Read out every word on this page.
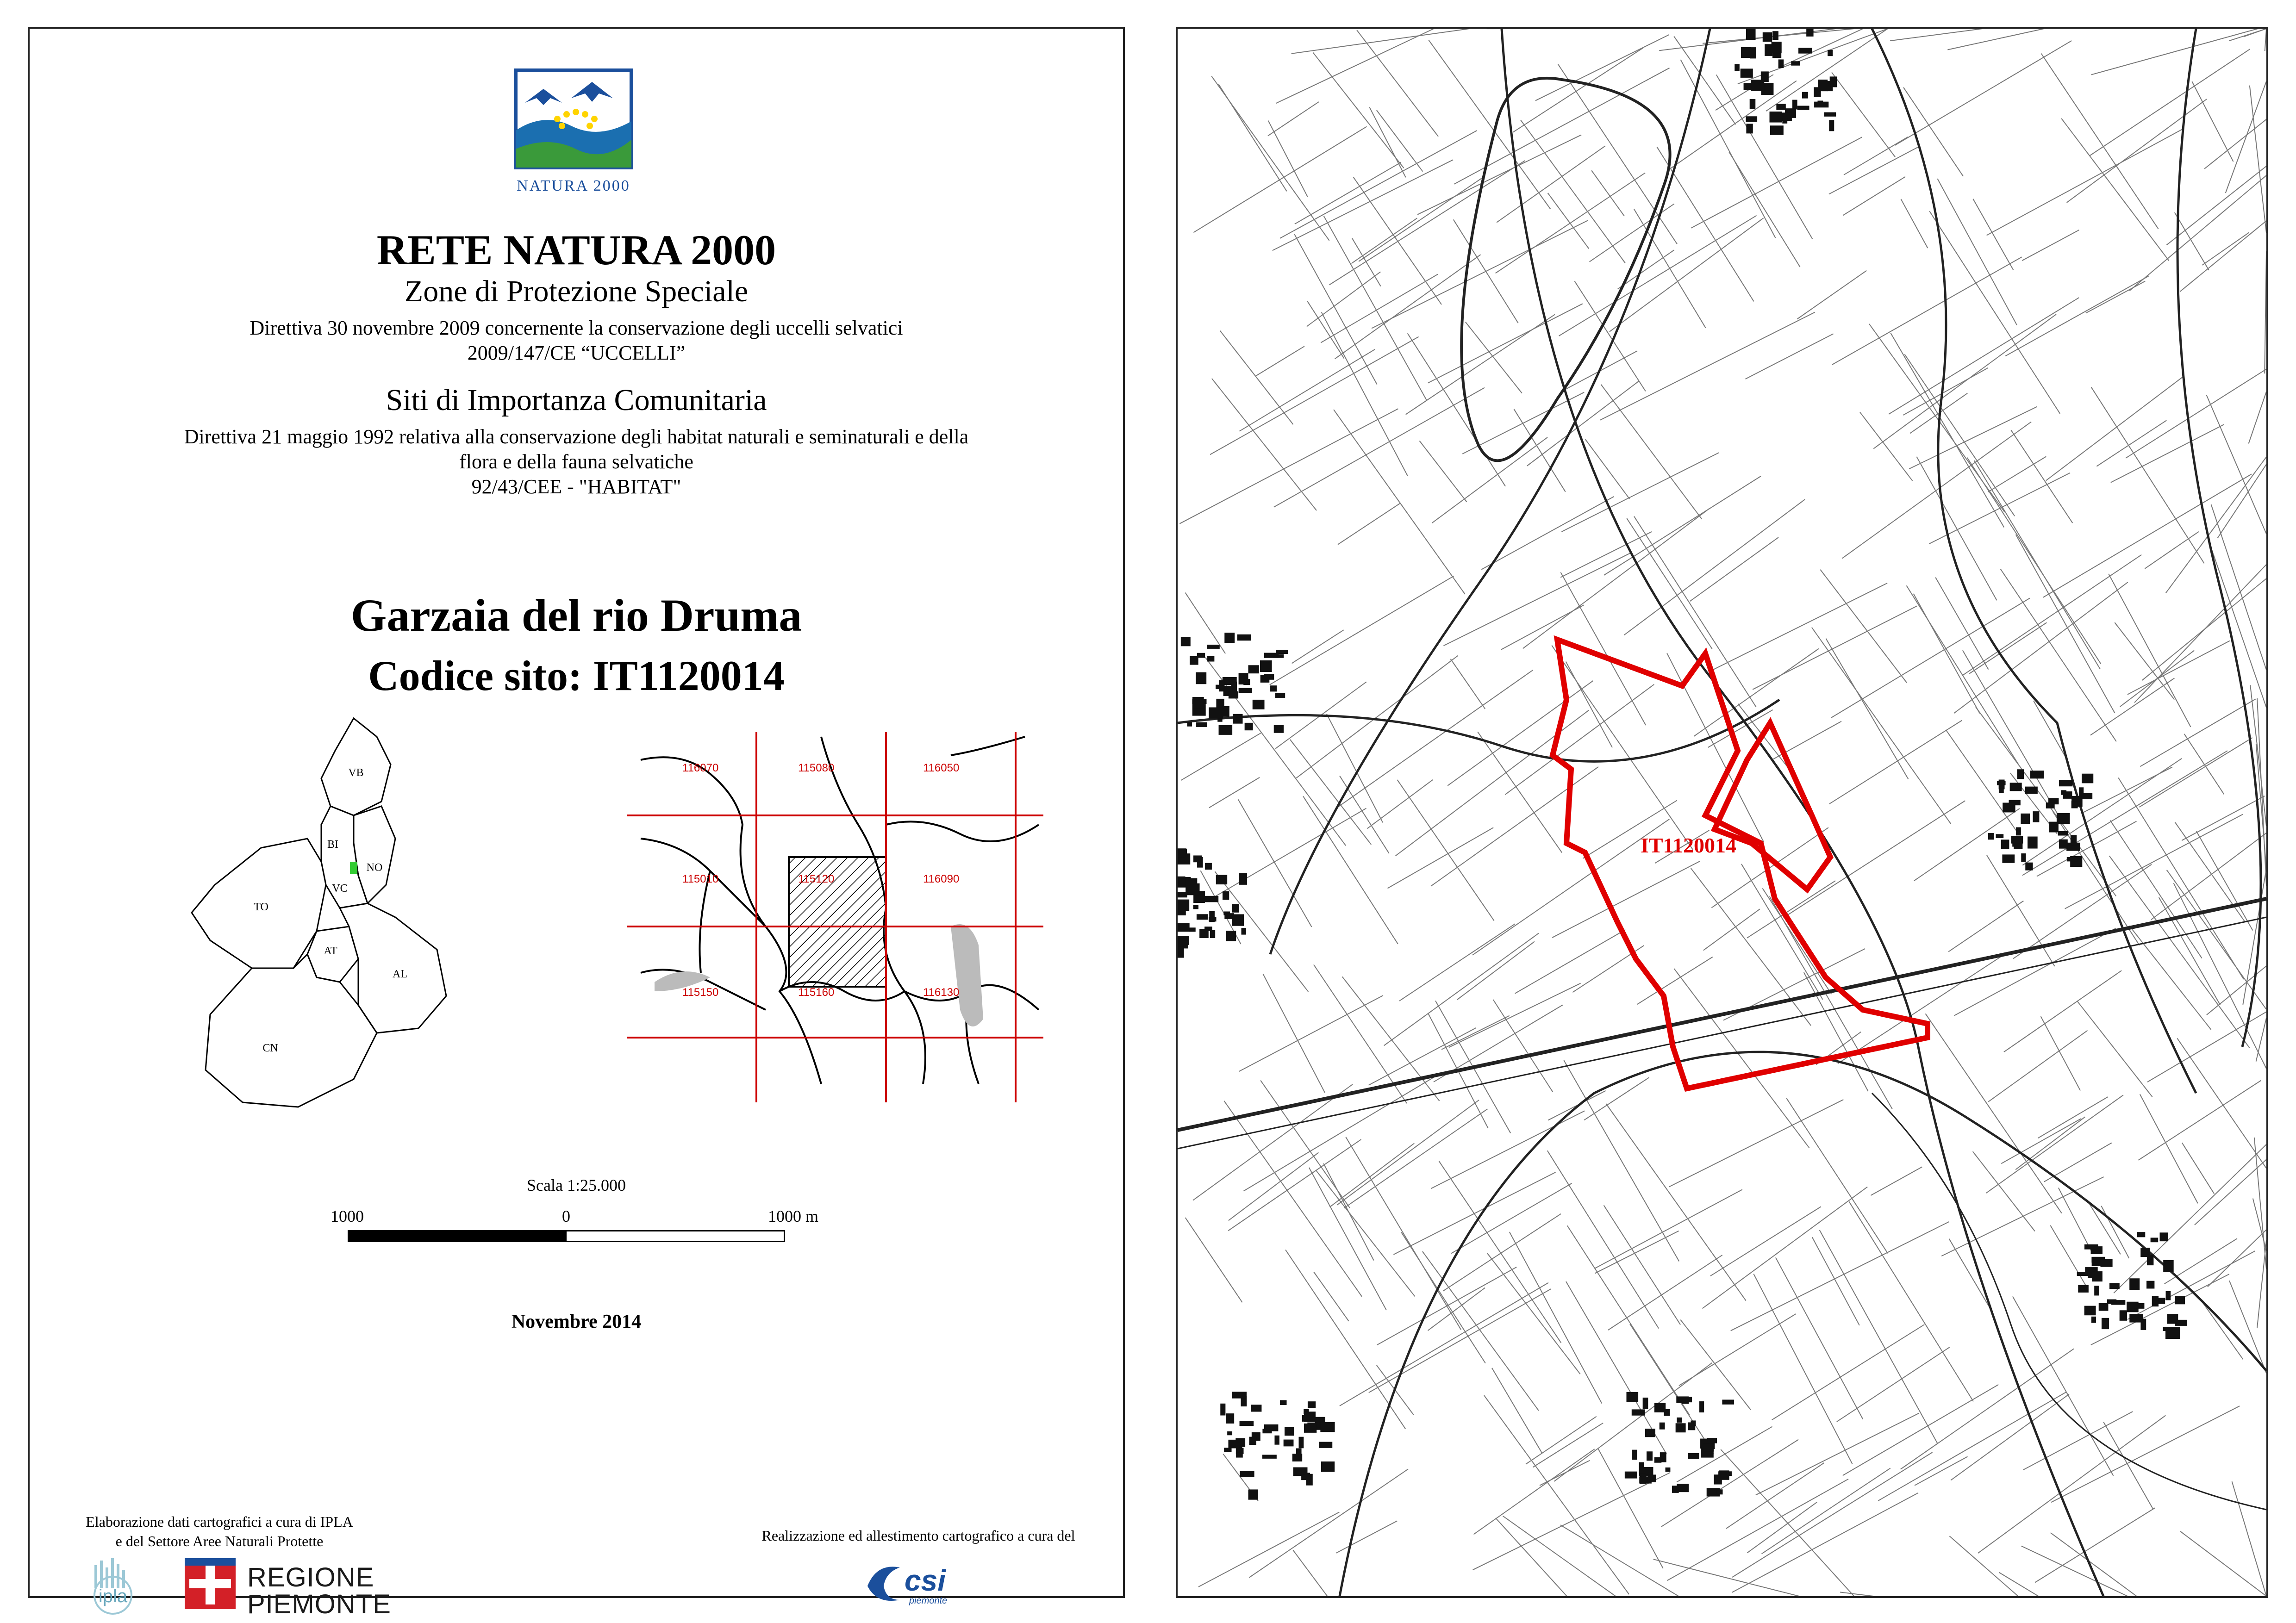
NATURA 2000
RETE NATURA 2000
Zone di Protezione Speciale
Direttiva 30 novembre 2009 concernente la conservazione degli uccelli selvatici
2009/147/CE “UCCELLI”
Siti di Importanza Comunitaria
Direttiva 21 maggio 1992 relativa alla conservazione degli habitat naturali e seminaturali e della
flora e della fauna selvatiche
92/43/CEE - "HABITAT"
Garzaia del rio Druma
Codice sito: IT1120014
VB
BI
NO
VC
TO
AT
AL
CN
116070	115080	116050
115010	115120	116090
115150	115160	116130
Scala 1:25.000
1000	0	1000 m
Novembre 2014
Elaborazione dati cartografici a cura di IPLA
e del Settore Aree Naturali Protette	Realizzazione ed allestimento cartografico a cura del
ipla
REGIONE
PIEMONTE
csi
piemonte
IT1120014
